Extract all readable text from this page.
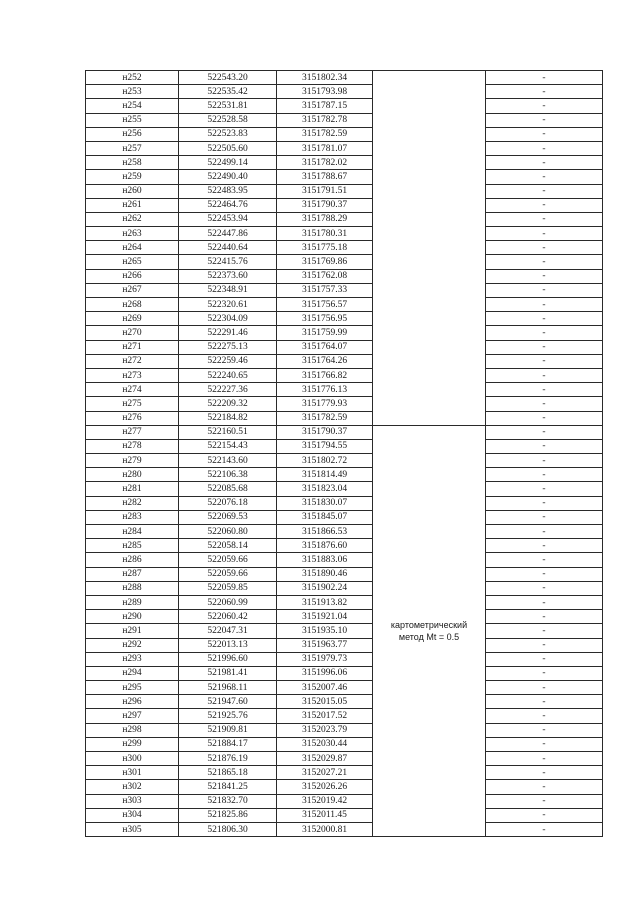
н252	522543.20	3151802.34		-
н253	522535.42	3151793.98		-
н254	522531.81	3151787.15		-
н255	522528.58	3151782.78		-
н256	522523.83	3151782.59		-
н257	522505.60	3151781.07		-
н258	522499.14	3151782.02		-
н259	522490.40	3151788.67		-
н260	522483.95	3151791.51		-
н261	522464.76	3151790.37		-
н262	522453.94	3151788.29		-
н263	522447.86	3151780.31		-
н264	522440.64	3151775.18		-
н265	522415.76	3151769.86		-
н266	522373.60	3151762.08		-
н267	522348.91	3151757.33		-
н268	522320.61	3151756.57		-
н269	522304.09	3151756.95		-
н270	522291.46	3151759.99		-
н271	522275.13	3151764.07		-
н272	522259.46	3151764.26		-
н273	522240.65	3151766.82		-
н274	522227.36	3151776.13		-
н275	522209.32	3151779.93		-
н276	522184.82	3151782.59		-
н277	522160.51	3151790.37	картометрический
метод Mt = 0.5	-
н278	522154.43	3151794.55		-
н279	522143.60	3151802.72		-
н280	522106.38	3151814.49		-
н281	522085.68	3151823.04		-
н282	522076.18	3151830.07		-
н283	522069.53	3151845.07		-
н284	522060.80	3151866.53		-
н285	522058.14	3151876.60		-
н286	522059.66	3151883.06		-
н287	522059.66	3151890.46		-
н288	522059.85	3151902.24		-
н289	522060.99	3151913.82		-
н290	522060.42	3151921.04		-
н291	522047.31	3151935.10		-
н292	522013.13	3151963.77		-
н293	521996.60	3151979.73		-
н294	521981.41	3151996.06		-
н295	521968.11	3152007.46		-
н296	521947.60	3152015.05		-
н297	521925.76	3152017.52		-
н298	521909.81	3152023.79		-
н299	521884.17	3152030.44		-
н300	521876.19	3152029.87		-
н301	521865.18	3152027.21		-
н302	521841.25	3152026.26		-
н303	521832.70	3152019.42		-
н304	521825.86	3152011.45		-
н305	521806.30	3152000.81		-
